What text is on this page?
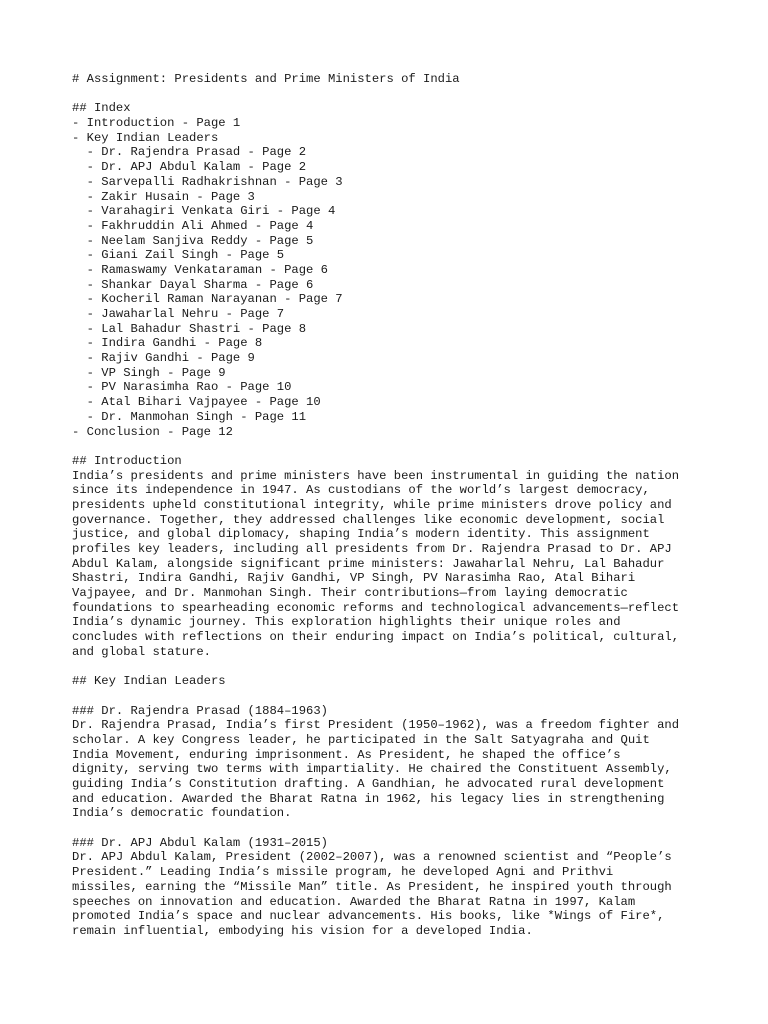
# Assignment: Presidents and Prime Ministers of India
## Index
- Introduction - Page 1
- Key Indian Leaders
- Dr. Rajendra Prasad - Page 2
- Dr. APJ Abdul Kalam - Page 2
- Sarvepalli Radhakrishnan - Page 3
- Zakir Husain - Page 3
- Varahagiri Venkata Giri - Page 4
- Fakhruddin Ali Ahmed - Page 4
- Neelam Sanjiva Reddy - Page 5
- Giani Zail Singh - Page 5
- Ramaswamy Venkataraman - Page 6
- Shankar Dayal Sharma - Page 6
- Kocheril Raman Narayanan - Page 7
- Jawaharlal Nehru - Page 7
- Lal Bahadur Shastri - Page 8
- Indira Gandhi - Page 8
- Rajiv Gandhi - Page 9
- VP Singh - Page 9
- PV Narasimha Rao - Page 10
- Atal Bihari Vajpayee - Page 10
- Dr. Manmohan Singh - Page 11
- Conclusion - Page 12
## Introduction
India’s presidents and prime ministers have been instrumental in guiding the nation
since its independence in 1947. As custodians of the world’s largest democracy,
presidents upheld constitutional integrity, while prime ministers drove policy and
governance. Together, they addressed challenges like economic development, social
justice, and global diplomacy, shaping India’s modern identity. This assignment
profiles key leaders, including all presidents from Dr. Rajendra Prasad to Dr. APJ
Abdul Kalam, alongside significant prime ministers: Jawaharlal Nehru, Lal Bahadur
Shastri, Indira Gandhi, Rajiv Gandhi, VP Singh, PV Narasimha Rao, Atal Bihari
Vajpayee, and Dr. Manmohan Singh. Their contributions—from laying democratic
foundations to spearheading economic reforms and technological advancements—reflect
India’s dynamic journey. This exploration highlights their unique roles and
concludes with reflections on their enduring impact on India’s political, cultural,
and global stature.
## Key Indian Leaders
### Dr. Rajendra Prasad (1884–1963)
Dr. Rajendra Prasad, India’s first President (1950–1962), was a freedom fighter and
scholar. A key Congress leader, he participated in the Salt Satyagraha and Quit
India Movement, enduring imprisonment. As President, he shaped the office’s
dignity, serving two terms with impartiality. He chaired the Constituent Assembly,
guiding India’s Constitution drafting. A Gandhian, he advocated rural development
and education. Awarded the Bharat Ratna in 1962, his legacy lies in strengthening
India’s democratic foundation.
### Dr. APJ Abdul Kalam (1931–2015)
Dr. APJ Abdul Kalam, President (2002–2007), was a renowned scientist and “People’s
President.” Leading India’s missile program, he developed Agni and Prithvi
missiles, earning the “Missile Man” title. As President, he inspired youth through
speeches on innovation and education. Awarded the Bharat Ratna in 1997, Kalam
promoted India’s space and nuclear advancements. His books, like *Wings of Fire*,
remain influential, embodying his vision for a developed India.
